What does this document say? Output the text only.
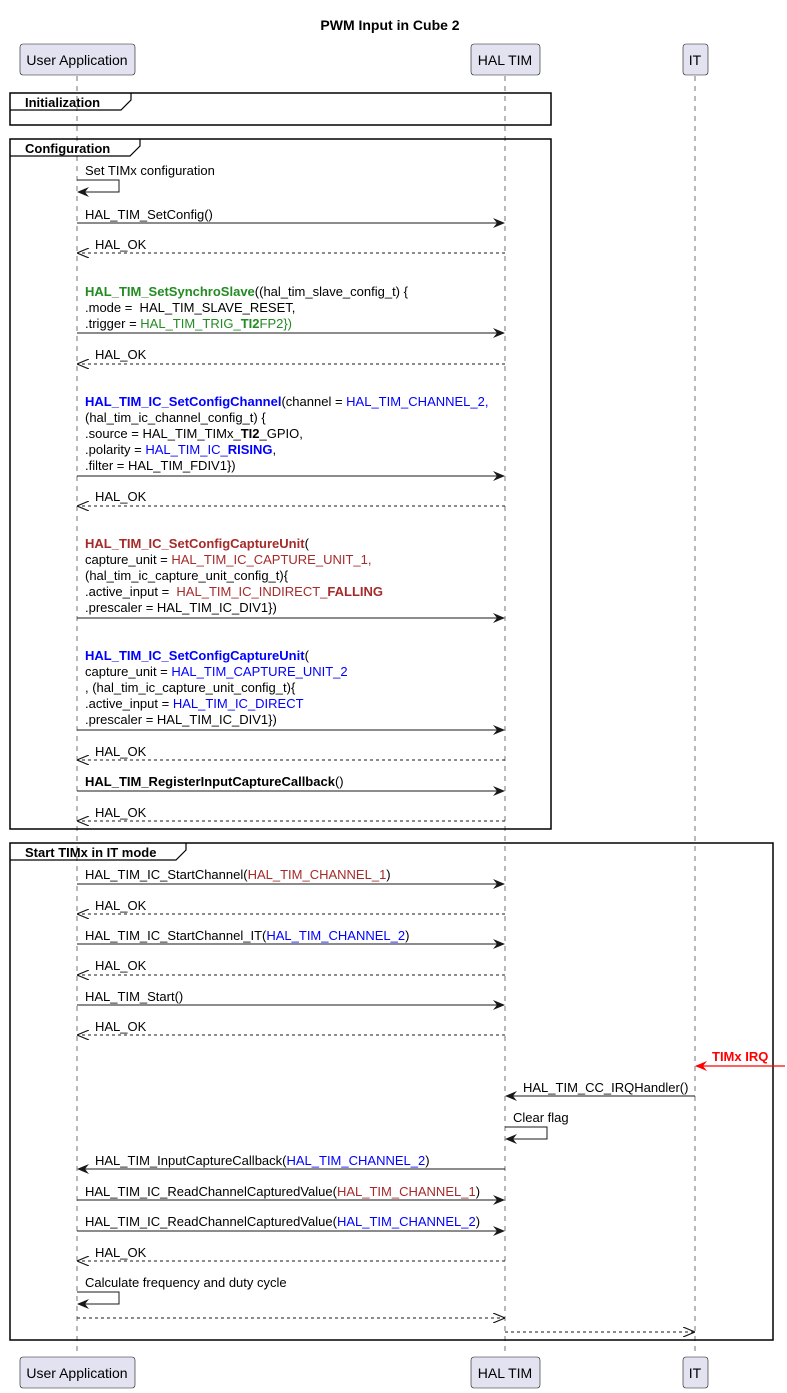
PWM Input in Cube 2
Initialization
Configuration
Start TIMx in IT mode
User Application
User Application
HAL TIM
HAL TIM
IT
IT
Set TIMx configuration
HAL_TIM_SetConfig()
HAL_OK
HAL_TIM_SetSynchroSlave((hal_tim_slave_config_t) {
.mode =  HAL_TIM_SLAVE_RESET,
.trigger = HAL_TIM_TRIG_TI2FP2})
HAL_OK
HAL_TIM_IC_SetConfigChannel(channel = HAL_TIM_CHANNEL_2,
(hal_tim_ic_channel_config_t) {
.source = HAL_TIM_TIMx_TI2_GPIO,
.polarity = HAL_TIM_IC_RISING,
.filter = HAL_TIM_FDIV1})
HAL_OK
HAL_TIM_IC_SetConfigCaptureUnit(
capture_unit = HAL_TIM_IC_CAPTURE_UNIT_1,
(hal_tim_ic_capture_unit_config_t){
.active_input =  HAL_TIM_IC_INDIRECT_FALLING
.prescaler = HAL_TIM_IC_DIV1})
HAL_TIM_IC_SetConfigCaptureUnit(
capture_unit = HAL_TIM_CAPTURE_UNIT_2
, (hal_tim_ic_capture_unit_config_t){
.active_input = HAL_TIM_IC_DIRECT
.prescaler = HAL_TIM_IC_DIV1})
HAL_OK
HAL_TIM_RegisterInputCaptureCallback()
HAL_OK
HAL_TIM_IC_StartChannel(HAL_TIM_CHANNEL_1)
HAL_OK
HAL_TIM_IC_StartChannel_IT(HAL_TIM_CHANNEL_2)
HAL_OK
HAL_TIM_Start()
HAL_OK
TIMx IRQ
HAL_TIM_CC_IRQHandler()
Clear flag
HAL_TIM_InputCaptureCallback(HAL_TIM_CHANNEL_2)
HAL_TIM_IC_ReadChannelCapturedValue(HAL_TIM_CHANNEL_1)
HAL_TIM_IC_ReadChannelCapturedValue(HAL_TIM_CHANNEL_2)
HAL_OK
Calculate frequency and duty cycle
